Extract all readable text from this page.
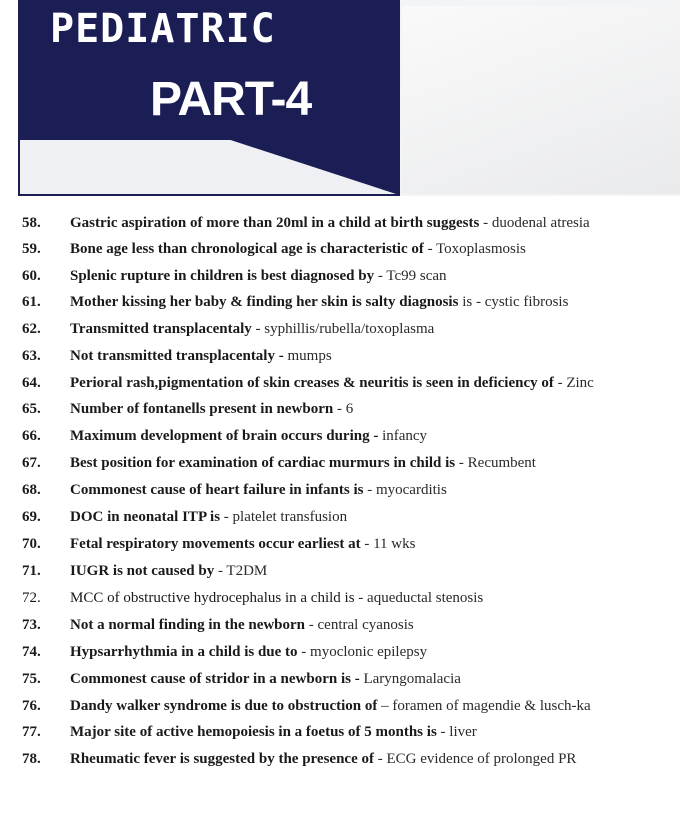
PEDIATRIC
PART-4
58.	Gastric aspiration of more than 20ml in a child at birth suggests - duodenal atresia
59.	Bone age less than chronological age is characteristic of - Toxoplasmosis
60.	Splenic rupture in children is best diagnosed by - Tc99 scan
61.	Mother kissing her baby & finding her skin is salty diagnosis is - cystic fibrosis
62.	Transmitted transplacentaly - syphillis/rubella/toxoplasma
63.	Not transmitted transplacentaly - mumps
64.	Perioral rash,pigmentation of skin creases & neuritis is seen in deficiency of - Zinc
65.	Number of fontanells present in newborn - 6
66.	Maximum development of brain occurs during - infancy
67.	Best position for examination of cardiac murmurs in child is - Recumbent
68.	Commonest cause of heart failure in infants is - myocarditis
69.	DOC in neonatal ITP is - platelet transfusion
70.	Fetal respiratory movements occur earliest at - 11 wks
71.	IUGR is not caused by - T2DM
72.	MCC of obstructive hydrocephalus in a child is - aqueductal stenosis
73.	Not a normal finding in the newborn - central cyanosis
74.	Hypsarrhythmia in a child is due to - myoclonic epilepsy
75.	Commonest cause of stridor in a newborn is - Laryngomalacia
76.	Dandy walker syndrome is due to obstruction of – foramen of magendie & lusch-ka
77.	Major site of active hemopoiesis in a foetus of 5 months is - liver
78.	Rheumatic fever is suggested by the presence of - ECG evidence of prolonged PR
